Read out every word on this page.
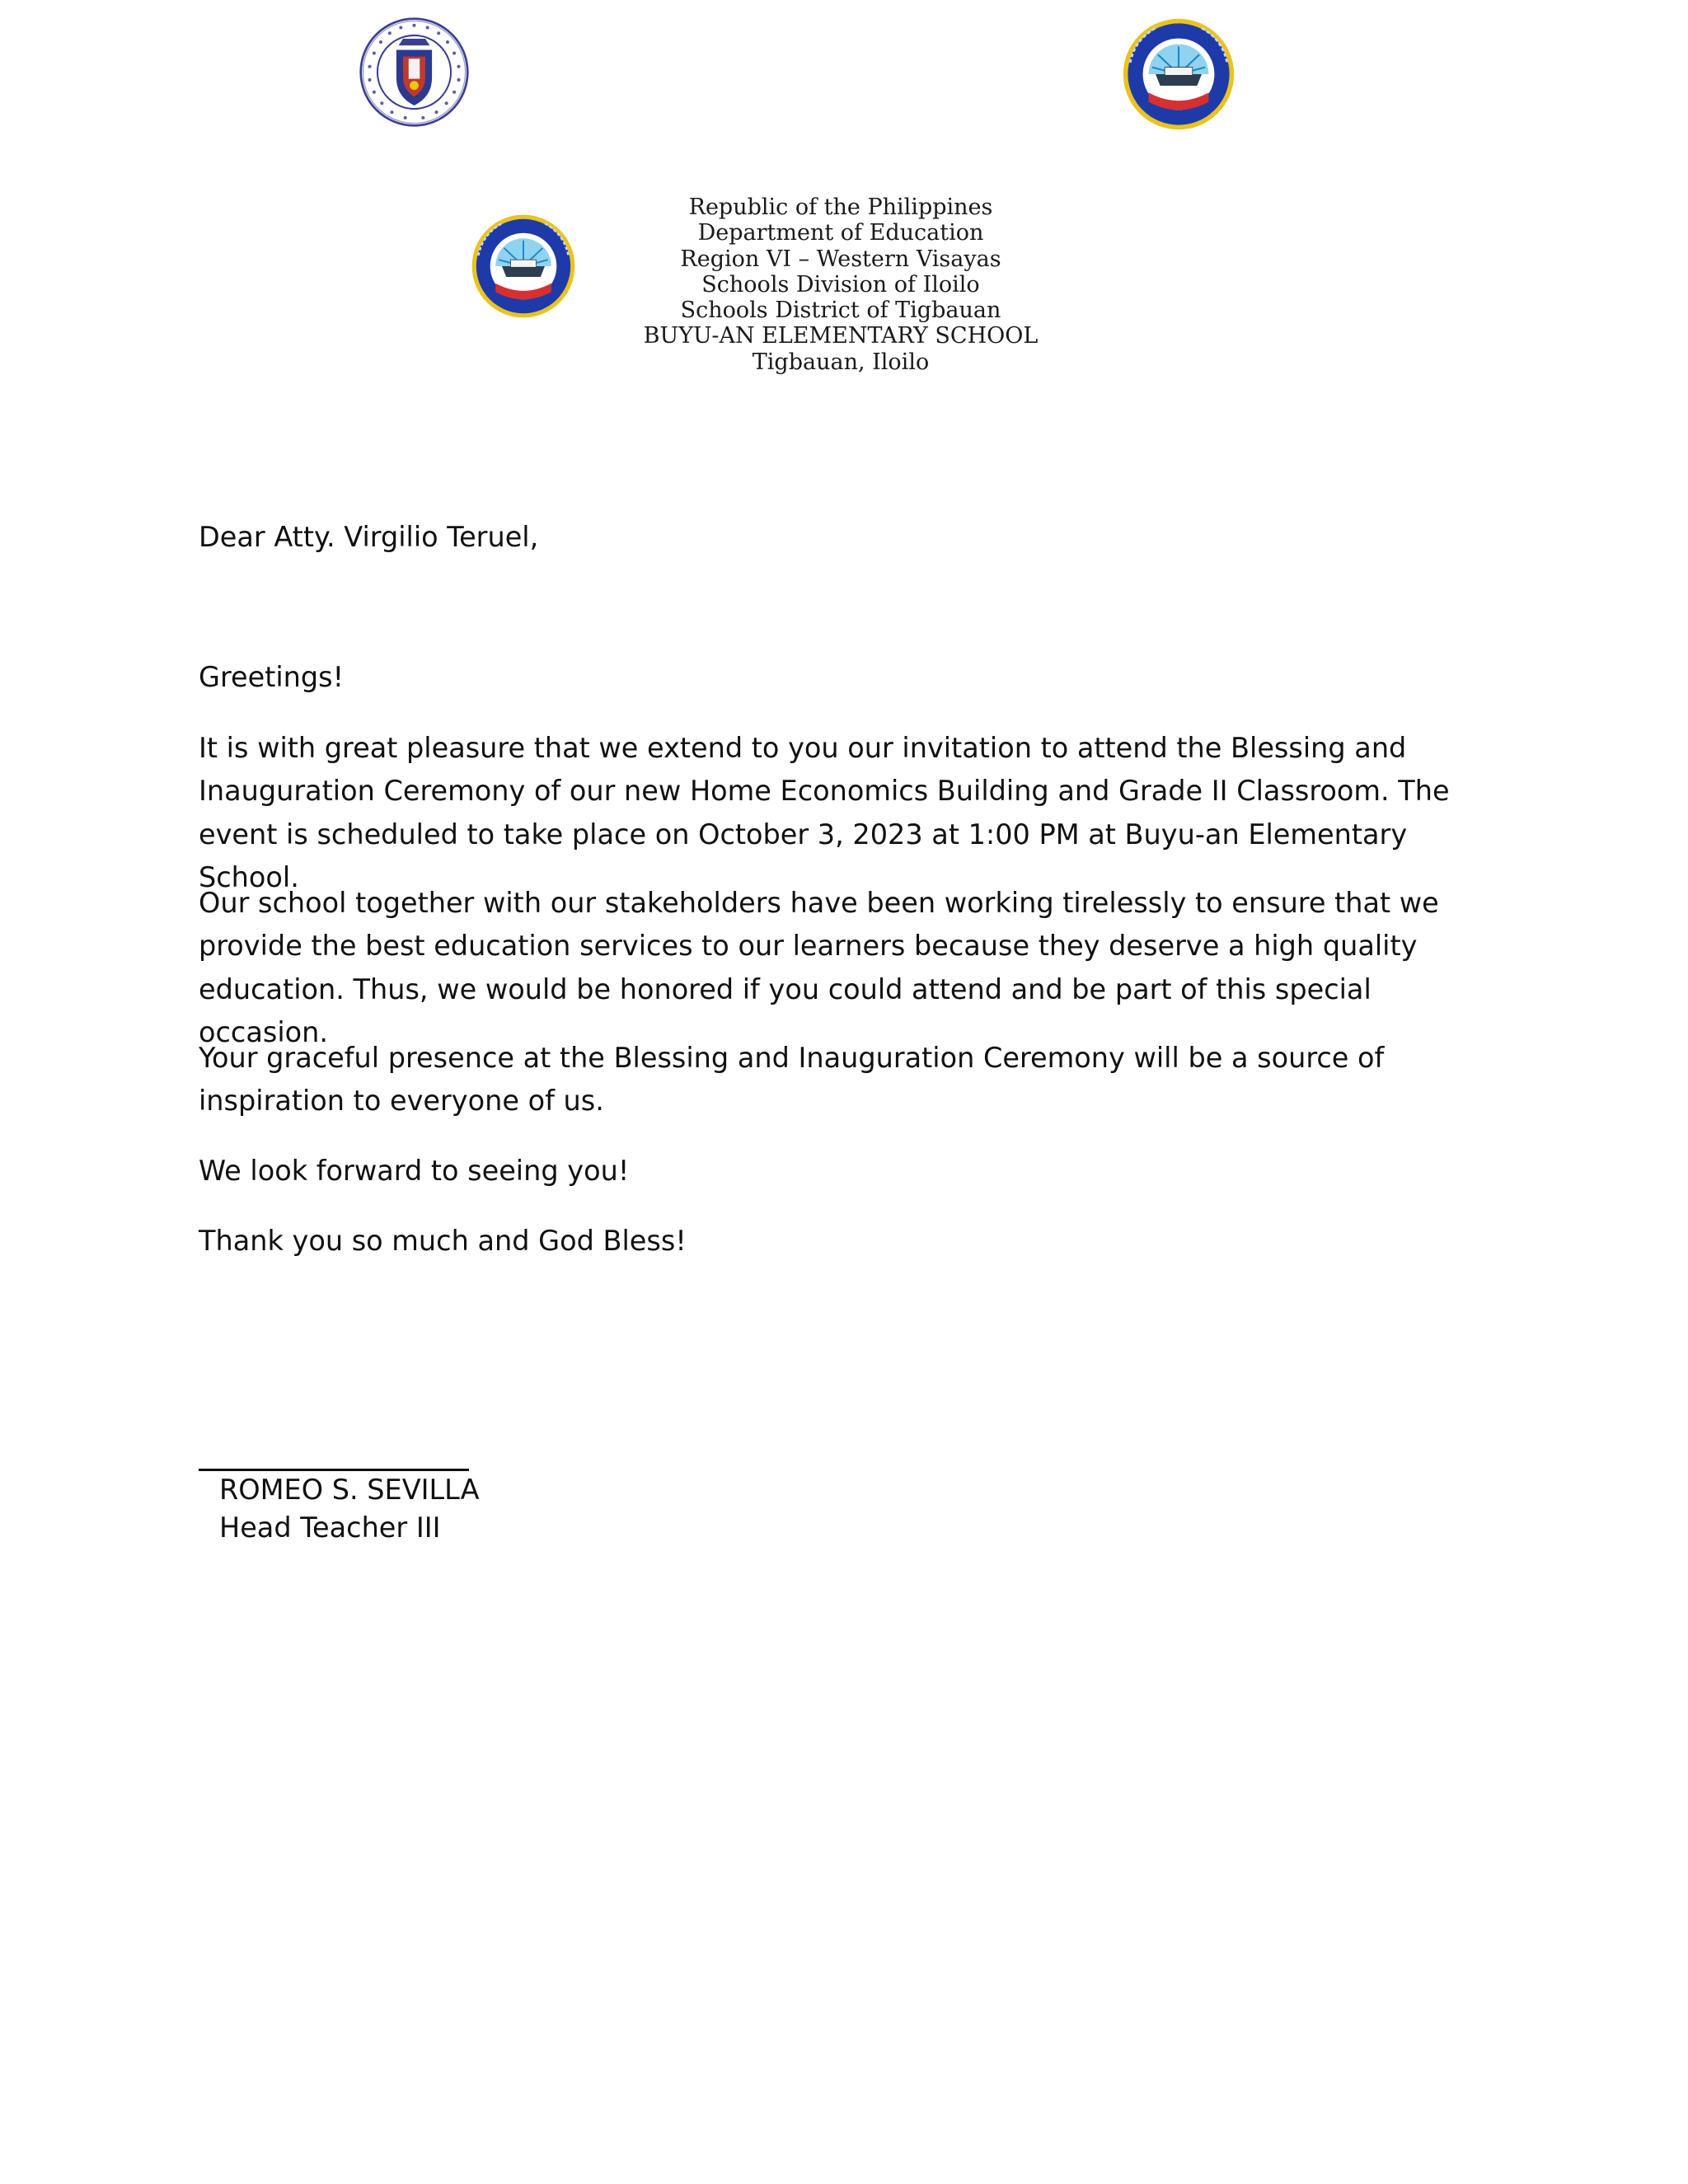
Republic of the Philippines
Department of Education
Region VI – Western Visayas
Schools Division of Iloilo
Schools District of Tigbauan
BUYU-AN ELEMENTARY SCHOOL
Tigbauan, Iloilo
Dear Atty. Virgilio Teruel,
Greetings!

It is with great pleasure that we extend to you our invitation to attend the Blessing and Inauguration Ceremony of our new Home Economics Building and Grade II Classroom. The event is scheduled to take place on October 3, 2023 at 1:00 PM at Buyu-an Elementary School.

Our school together with our stakeholders have been working tirelessly to ensure that we provide the best education services to our learners because they deserve a high quality education. Thus, we would be honored if you could attend and be part of this special occasion.

Your graceful presence at the Blessing and Inauguration Ceremony will be a source of inspiration to everyone of us.

We look forward to seeing you!

Thank you so much and God Bless!

ROMEO S. SEVILLA
Head Teacher III
